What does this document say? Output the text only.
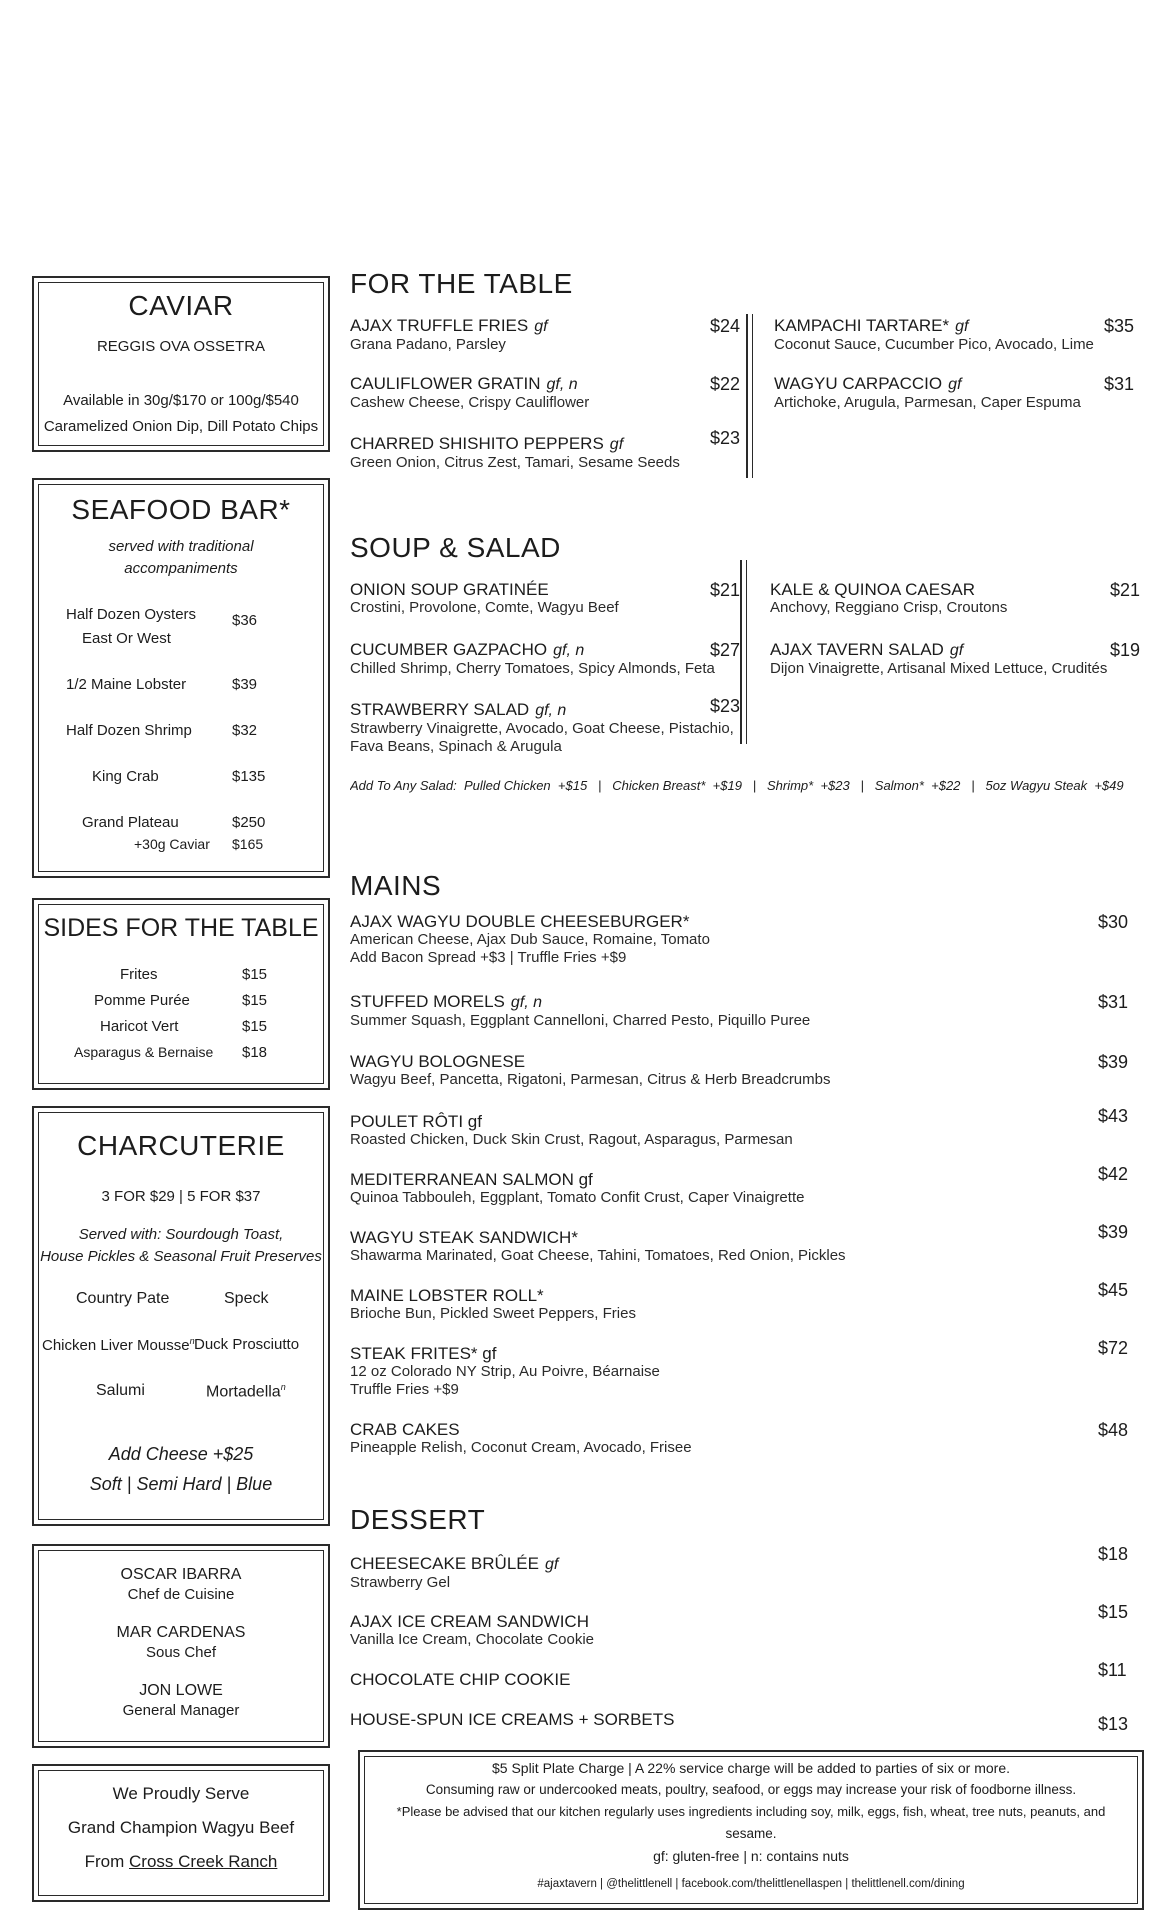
CAVIAR
REGGIS OVA OSSETRA
Available in 30g/$170 or 100g/$540
Caramelized Onion Dip, Dill Potato Chips
SEAFOOD BAR*
served with traditional
accompaniments
Half Dozen Oysters $36
East Or West
1/2 Maine Lobster	$39
Half Dozen Shrimp	$32
King Crab	$135
Grand Plateau	$250
+30g Caviar $165
SIDES FOR THE TABLE
Frites	$15
Pomme Purée	$15
Haricot Vert	$15
Asparagus & Bernaise $18
CHARCUTERIE
3 FOR $29 | 5 FOR $37
Served with: Sourdough Toast,
House Pickles & Seasonal Fruit Preserves
Country Pate	Speck
Chicken Liver Mousse$^n$ Duck Prosciutto
Salumi	Mortadella$^n$
Add Cheese +$25
Soft | Semi Hard | Blue
OSCAR IBARRA
Chef de Cuisine
MAR CARDENAS
Sous Chef
JON LOWE
General Manager
We Proudly Serve
Grand Champion Wagyu Beef
From Cross Creek Ranch
FOR THE TABLE
AJAX TRUFFLE FRIES gf
Grana Padano, Parsley
$24
CAULIFLOWER GRATIN gf, n
Cashew Cheese, Crispy Cauliflower
$22
CHARRED SHISHITO PEPPERS gf
Green Onion, Citrus Zest, Tamari, Sesame Seeds
$23
KAMPACHI TARTARE* gf
Coconut Sauce, Cucumber Pico, Avocado, Lime
$35
WAGYU CARPACCIO gf
Artichoke, Arugula, Parmesan, Caper Espuma
$31
SOUP & SALAD
ONION SOUP GRATINÉE
Crostini, Provolone, Comte, Wagyu Beef
$21
CUCUMBER GAZPACHO gf, n
Chilled Shrimp, Cherry Tomatoes, Spicy Almonds, Feta
$27
STRAWBERRY SALAD gf, n
Strawberry Vinaigrette, Avocado, Goat Cheese, Pistachio,
Fava Beans, Spinach & Arugula
$23
KALE & QUINOA CAESAR
Anchovy, Reggiano Crisp, Croutons
$21
AJAX TAVERN SALAD gf
Dijon Vinaigrette, Artisanal Mixed Lettuce, Crudités
$19
Add To Any Salad:  Pulled Chicken  +$15   |   Chicken Breast*  +$19   |   Shrimp*  +$23   |   Salmon*  +$22   |   5oz Wagyu Steak  +$49
MAINS
AJAX WAGYU DOUBLE CHEESEBURGER*
American Cheese, Ajax Dub Sauce, Romaine, Tomato
Add Bacon Spread +$3 | Truffle Fries +$9
$30
STUFFED MORELS gf, n
Summer Squash, Eggplant Cannelloni, Charred Pesto, Piquillo Puree
$31
WAGYU BOLOGNESE
Wagyu Beef, Pancetta, Rigatoni, Parmesan, Citrus & Herb Breadcrumbs
$39
POULET RÔTI gf
Roasted Chicken, Duck Skin Crust, Ragout, Asparagus, Parmesan
$43
MEDITERRANEAN SALMON gf
Quinoa Tabbouleh, Eggplant, Tomato Confit Crust, Caper Vinaigrette
$42
WAGYU STEAK SANDWICH*
Shawarma Marinated, Goat Cheese, Tahini, Tomatoes, Red Onion, Pickles
$39
MAINE LOBSTER ROLL*
Brioche Bun, Pickled Sweet Peppers, Fries
$45
STEAK FRITES* gf
12 oz Colorado NY Strip, Au Poivre, Béarnaise
Truffle Fries +$9
$72
CRAB CAKES
Pineapple Relish, Coconut Cream, Avocado, Frisee
$48
DESSERT
CHEESECAKE BRÛLÉE gf
Strawberry Gel
$18
AJAX ICE CREAM SANDWICH
Vanilla Ice Cream, Chocolate Cookie
$15
CHOCOLATE CHIP COOKIE	$11
HOUSE-SPUN ICE CREAMS + SORBETS	$13
$5 Split Plate Charge | A 22% service charge will be added to parties of six or more.
Consuming raw or undercooked meats, poultry, seafood, or eggs may increase your risk of foodborne illness.
*Please be advised that our kitchen regularly uses ingredients including soy, milk, eggs, fish, wheat, tree nuts, peanuts, and
sesame.
gf: gluten-free | n: contains nuts
#ajaxtavern | @thelittlenell | facebook.com/thelittlenellaspen | thelittlenell.com/dining
